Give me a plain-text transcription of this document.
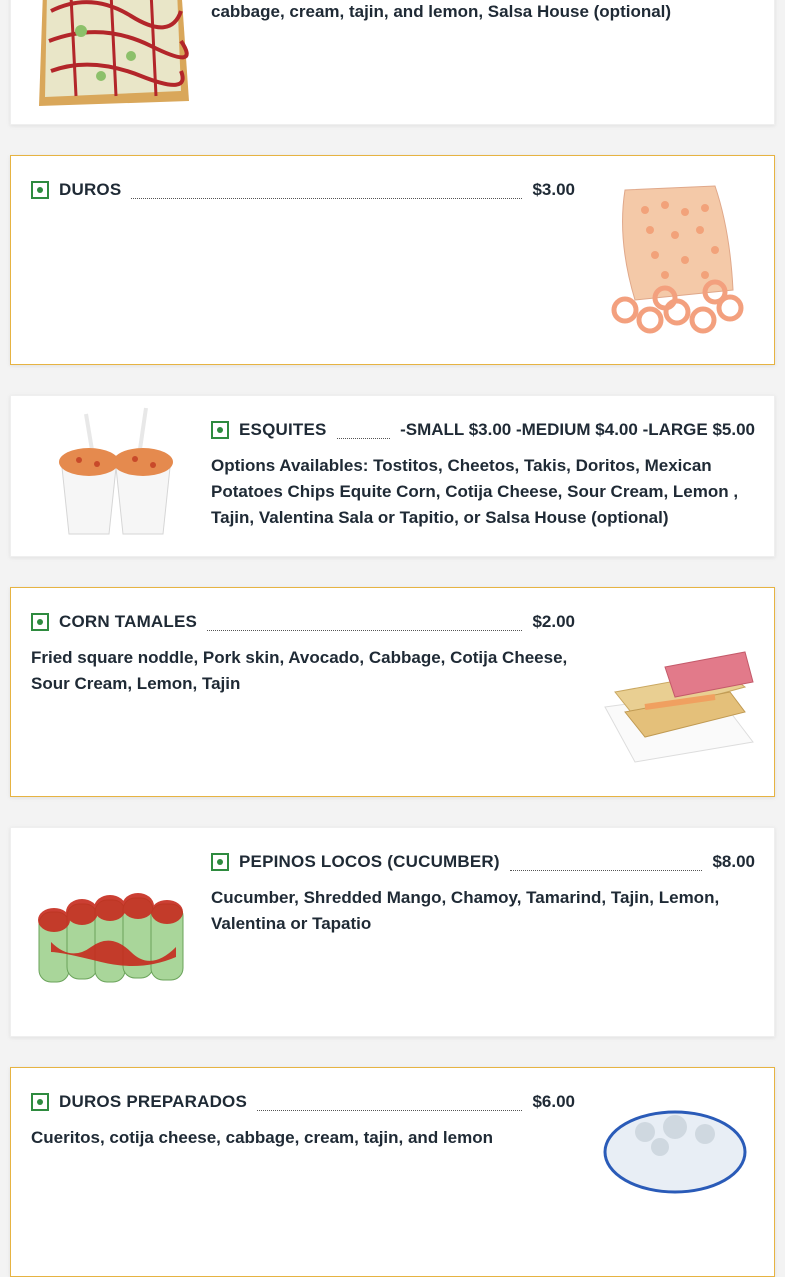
cabbage, cream, tajin, and lemon, Salsa House (optional)
DUROS	$3.00
ESQUITES	-SMALL $3.00 -MEDIUM $4.00 -LARGE $5.00
Options Availables: Tostitos, Cheetos, Takis, Doritos, Mexican Potatoes Chips Equite Corn, Cotija Cheese, Sour Cream, Lemon , Tajin, Valentina Sala or Tapitio, or Salsa House (optional)
CORN TAMALES	$2.00
Fried square noddle, Pork skin, Avocado, Cabbage, Cotija Cheese, Sour Cream, Lemon, Tajin
PEPINOS LOCOS (CUCUMBER)	$8.00
Cucumber, Shredded Mango, Chamoy, Tamarind, Tajin, Lemon, Valentina or Tapatio
DUROS PREPARADOS	$6.00
Cueritos, cotija cheese, cabbage, cream, tajin, and lemon
